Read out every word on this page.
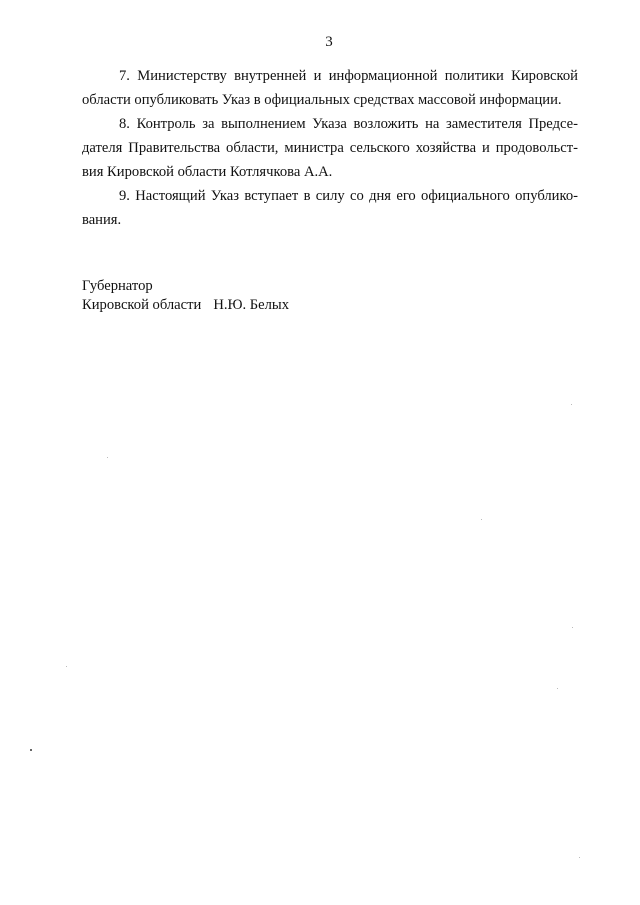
3
7. Министерству внутренней и информационной политики Кировской
области опубликовать Указ в официальных средствах массовой информации.
8. Контроль за выполнением Указа возложить на заместителя Предсе-
дателя Правительства области, министра сельского хозяйства и продовольст-
вия Кировской области Котлячкова А.А.
9. Настоящий Указ вступает в силу со дня его официального опублико-
вания.
Губернатор
Кировской области Н.Ю. Белых
